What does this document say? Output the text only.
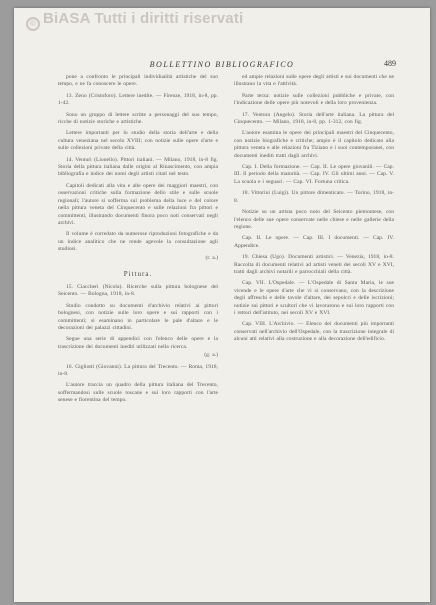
© BiASA Tutti i diritti riservati
BOLLETTINO BIBLIOGRAFICO	489

pone a confronto le principali individualità artistiche del suo tempo, e ne fa conoscere le opere.

13. Zeno (Cristoforo). Lettere inedite. — Firenze, 1918, in-8, pp. 1-42.

Sono un gruppo di lettere scritte a personaggi del suo tempo, ricche di notizie storiche e artistiche.

Lettere importanti per lo studio della storia dell'arte e della cultura veneziana nel secolo XVIII; con notizie sulle opere d'arte e sulle collezioni private della città.

14. Venturi (Lionello). Pittori italiani. — Milano, 1918, in-8 fig. Storia della pittura italiana dalle origini al Rinascimento, con ampia bibliografia e indice dei nomi degli artisti citati nel testo.

Capitoli dedicati alla vita e alle opere dei maggiori maestri, con osservazioni critiche sulla formazione dello stile e sulle scuole regionali; l'autore si sofferma sul problema della luce e del colore nella pittura veneta del Cinquecento e sulle relazioni fra pittori e committenti, illustrando documenti finora poco noti conservati negli archivi.

Il volume è corredato da numerose riproduzioni fotografiche e da un indice analitico che ne rende agevole la consultazione agli studiosi.

(r. a.)

Pittura.

15. Ciaccheri (Nicola). Ricerche sulla pittura bolognese del Seicento. — Bologna, 1918, in-8.

Studio condotto su documenti d'archivio relativi ai pittori bolognesi, con notizie sulle loro opere e sui rapporti con i committenti; si esaminano in particolare le pale d'altare e le decorazioni dei palazzi cittadini.

Segue una serie di appendici con l'elenco delle opere e la trascrizione dei documenti inediti utilizzati nella ricerca.

(g. a.)

16. Gigliotti (Giovanni). La pittura del Trecento. — Roma, 1918, in-8.

L'autore traccia un quadro della pittura italiana del Trecento, soffermandosi sulle scuole toscane e sui loro rapporti con l'arte senese e fiorentina del tempo.

ed ampie relazioni sulle opere degli artisti e sui documenti che ne illustrano la vita e l'attività.

Parte terza: notizie sulle collezioni pubbliche e private, con l'indicazione delle opere più notevoli e della loro provenienza.

17. Ventura (Angelo). Storia dell'arte italiana. La pittura del Cinquecento. — Milano, 1918, in-8, pp. 1-312, con fig.

L'autore esamina le opere dei principali maestri del Cinquecento, con notizie biografiche e critiche; ampio è il capitolo dedicato alla pittura veneta e alle relazioni fra Tiziano e i suoi contemporanei, con documenti inediti tratti dagli archivi.

Cap. I. Della formazione. — Cap. II. Le opere giovanili. — Cap. III. Il periodo della maturità. — Cap. IV. Gli ultimi anni. — Cap. V. La scuola e i seguaci. — Cap. VI. Fortuna critica.

18. Vittorini (Luigi). Un pittore dimenticato. — Torino, 1918, in-8.

Notizie su un artista poco noto del Seicento piemontese, con l'elenco delle sue opere conservate nelle chiese e nelle gallerie della regione.

Cap. II. Le opere. — Cap. III. I documenti. — Cap. IV. Appendice.

19. Chiesa (Ugo). Documenti artistici. — Venezia, 1918, in-8. Raccolta di documenti relativi ad artisti veneti dei secoli XV e XVI, tratti dagli archivi notarili e parrocchiali della città.

Cap. VII. L'Ospedale. — L'Ospedale di Santa Maria, le sue vicende e le opere d'arte che vi si conservano, con la descrizione degli affreschi e delle tavole d'altare, dei sepolcri e delle iscrizioni; notizie sui pittori e scultori che vi lavorarono e sui loro rapporti con i rettori dell'istituto, nei secoli XV e XVI.

Cap. VIII. L'Archivio. — Elenco dei documenti più importanti conservati nell'archivio dell'Ospedale, con la trascrizione integrale di alcuni atti relativi alla costruzione e alla decorazione dell'edificio.
